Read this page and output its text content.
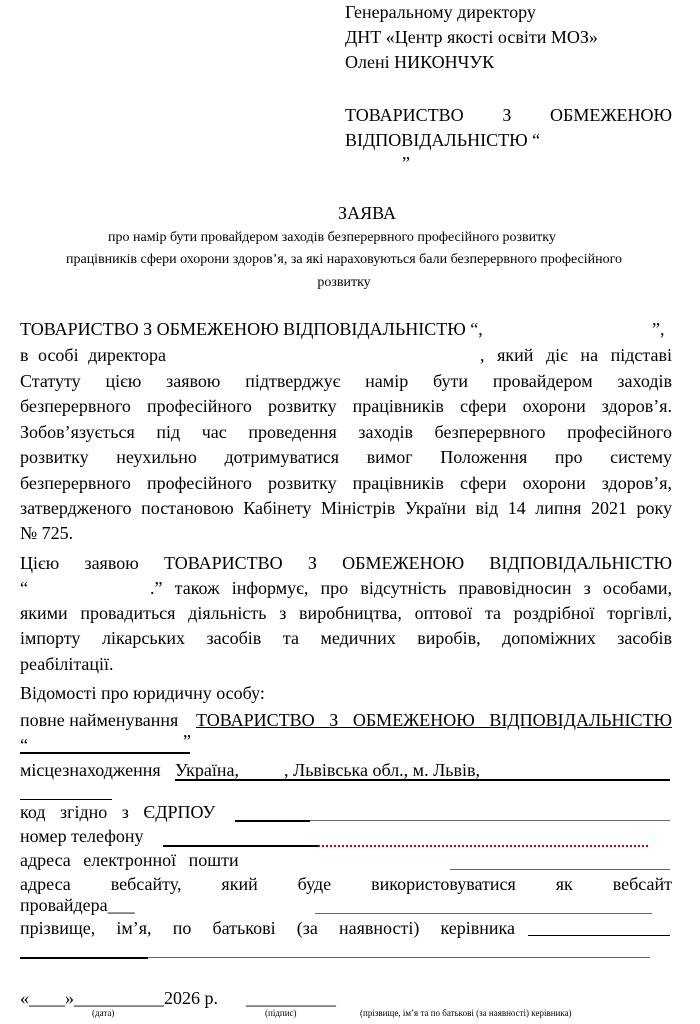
Генеральному директору
ДНТ «Центр якості освіти МОЗ»
Олені НИКОНЧУК
ТОВАРИСТВО З ОБМЕЖЕНОЮ
ВІДПОВІДАЛЬНІСТЮ “
”
ЗАЯВА
про намір бути провайдером заходів безперервного професійного розвитку
працівників сфери охорони здоров’я, за які нараховуються бали безперервного професійного
розвитку
ТОВАРИСТВО З ОБМЕЖЕНОЮ ВІДПОВІДАЛЬНІСТЮ “,	”,
в особі директора	, який діє на підставі
Статуту цією заявою підтверджує намір бути провайдером заходів
безперервного професійного розвитку працівників сфери охорони здоров’я.
Зобов’язується під час проведення заходів безперервного професійного
розвитку неухильно дотримуватися вимог Положення про систему
безперервного професійного розвитку працівників сфери охорони здоров’я,
затвердженого постановою Кабінету Міністрів України від 14 липня 2021 року
№ 725.
Цією заявою ТОВАРИСТВО З ОБМЕЖЕНОЮ ВІДПОВІДАЛЬНІСТЮ
“	.” також інформує, про відсутність правовідносин з особами,
якими провадиться діяльність з виробництва, оптової та роздрібної торгівлі,
імпорту лікарських засобів та медичних виробів, допоміжних засобів
реабілітації.
Відомості про юридичну особу:
повне найменування ТОВАРИСТВО З ОБМЕЖЕНОЮ ВІДПОВІДАЛЬНІСТЮ
“	”
місцезнаходження Україна,          , Львівська обл., м. Львів,
код згідно з ЄДРПОУ
номер телефону
адреса електронної пошти
адреса вебсайту, який буде використовуватися як вебсайт
провайдера___
прізвище, ім’я, по батькові (за наявності) керівника
«____»__________2026 р. __________
(дата)	(підпис)	(прізвище, ім’я та по батькові (за наявності) керівника)
